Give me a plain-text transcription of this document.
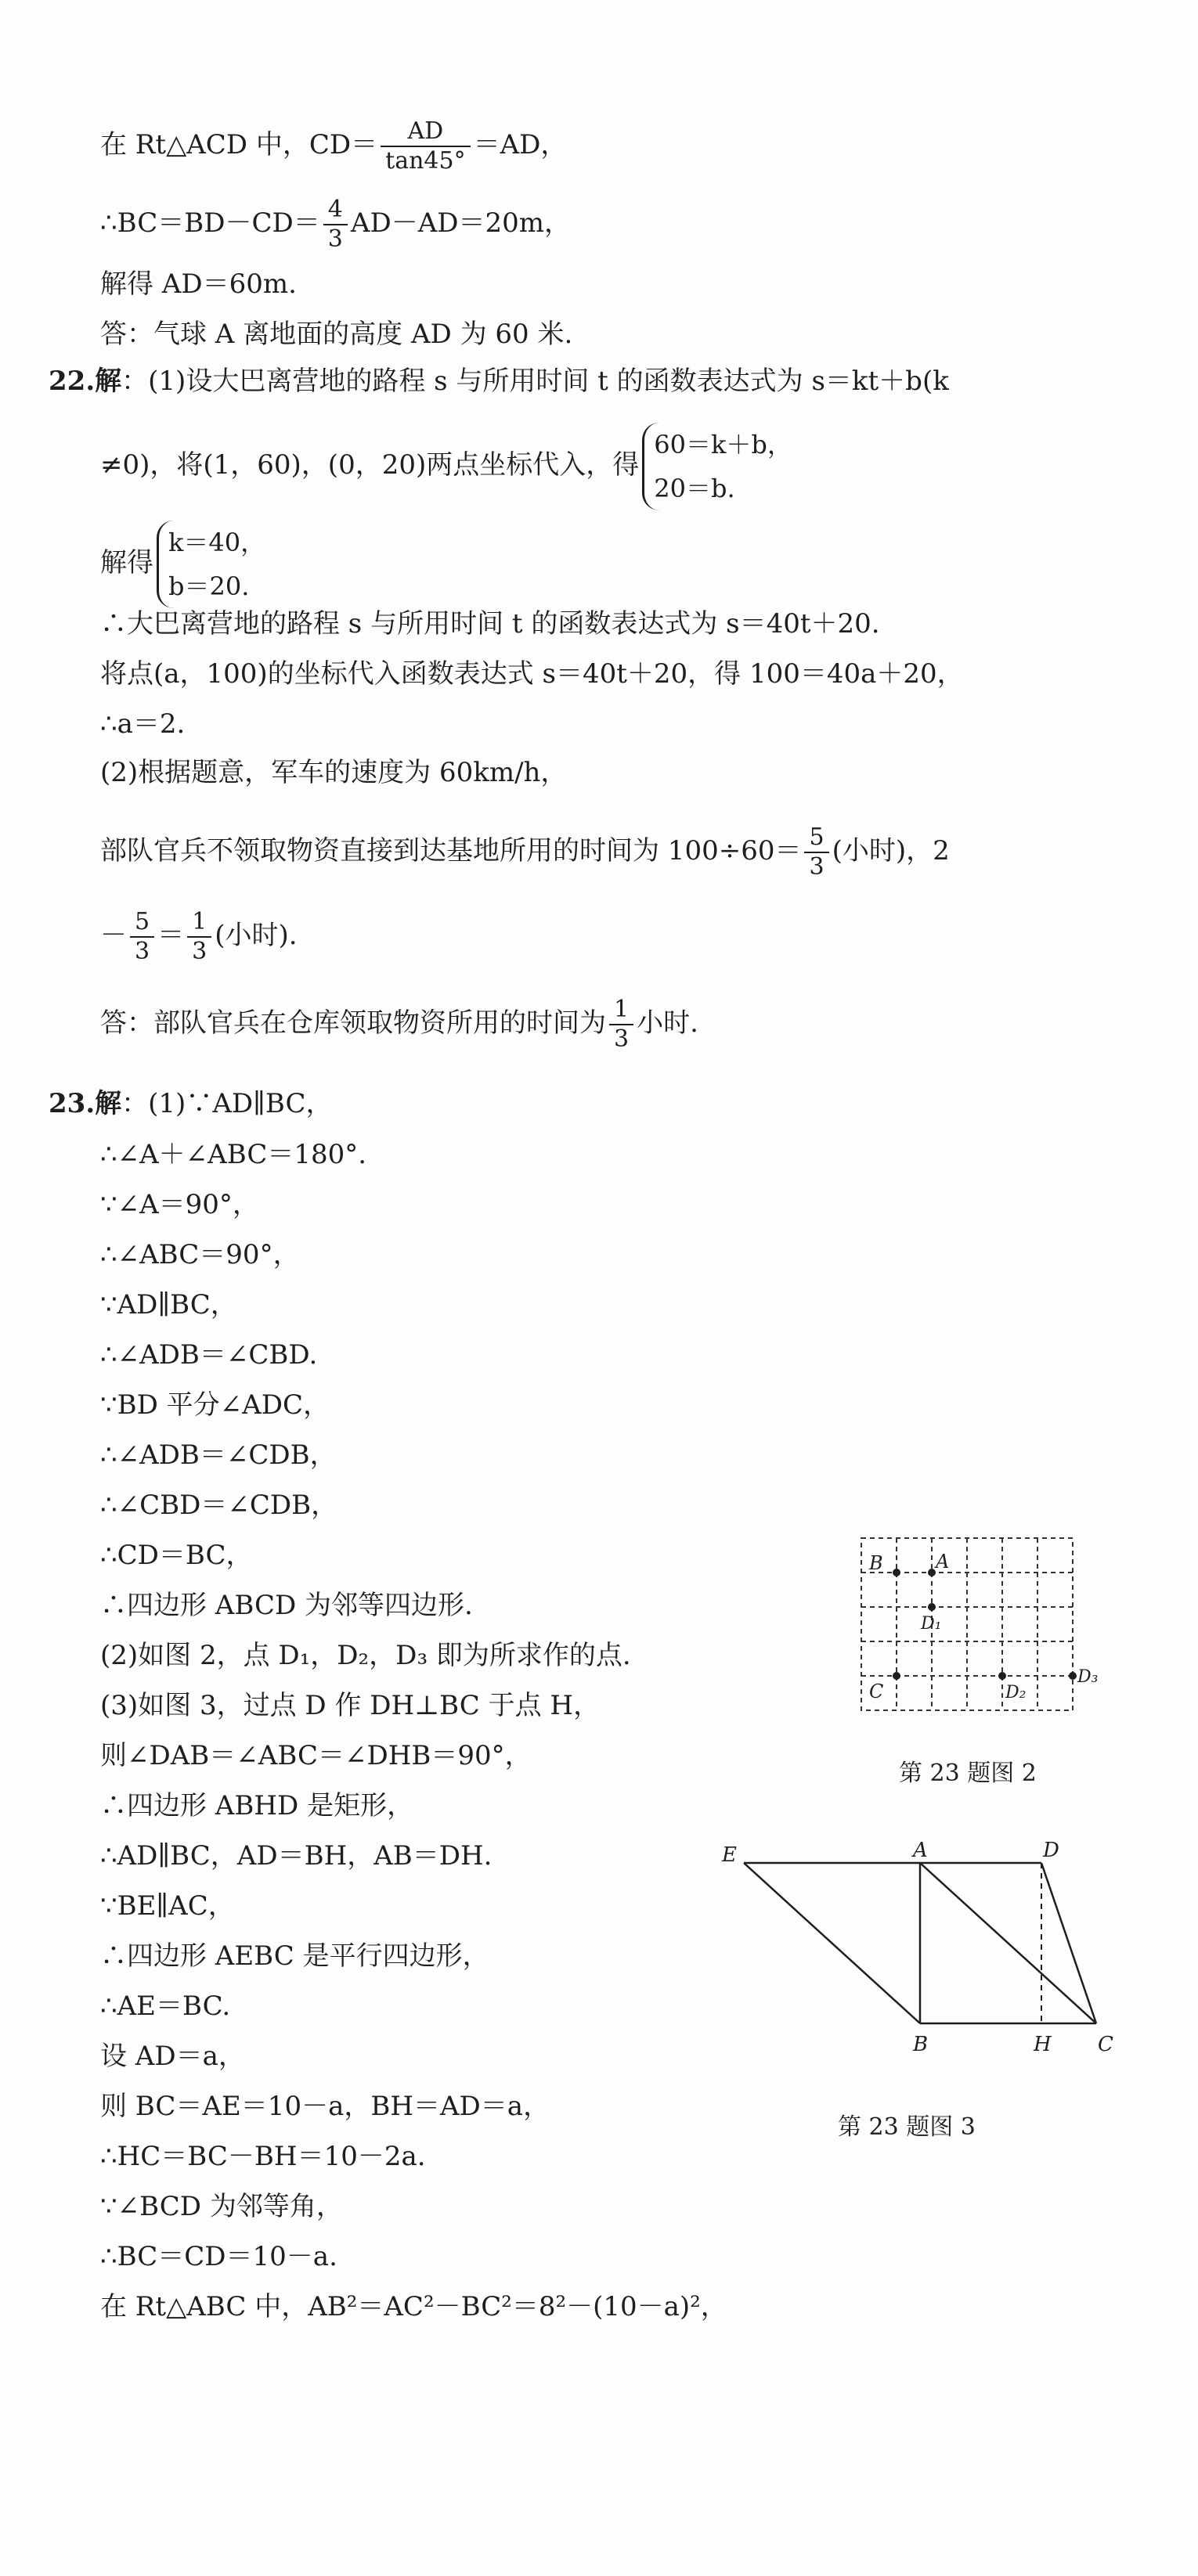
在 Rt△ACD 中，$CD= \frac{AD}{\tan 45^\circ} =AD$，
∴BC＝BD－CD＝ $\frac{4}{3} AD-AD=20m$，
解得 AD＝60m.
答：气球 A 离地面的高度 AD 为 60 米.
22.解：(1)设大巴离营地的路程 s 与所用时间 t 的函数表达式为 s＝kt＋b(k
≠0)，将(1，60)，(0，20)两点坐标代入，得
60＝k＋b，
20＝b.
解得
k＝40，
b＝20.
∴大巴离营地的路程 s 与所用时间 t 的函数表达式为 s＝40t＋20.
将点(a，100)的坐标代入函数表达式 s＝40t＋20，得 100＝40a＋20，
∴a＝2.
(2)根据题意，军车的速度为 60km/h，
部队官兵不领取物资直接到达基地所用的时间为 $100\div 60= \frac{5}{3}$ (小时)，2
－ $\frac{5}{3} = \frac{1}{3}$ (小时).
答：部队官兵在仓库领取物资所用的时间为 $\frac{1}{3}$ 小时.
23.解：(1)∵AD∥BC，
∴∠A＋∠ABC＝180°.
∵∠A＝90°，
∴∠ABC＝90°，
∵AD∥BC，
∴∠ADB＝∠CBD.
∵BD 平分∠ADC，
∴∠ADB＝∠CDB，
∴∠CBD＝∠CDB，
∴CD＝BC，
∴四边形 ABCD 为邻等四边形.
(2)如图 2，点 D₁，D₂，D₃ 即为所求作的点.
(3)如图 3，过点 D 作 DH⊥BC 于点 H，
则∠DAB＝∠ABC＝∠DHB＝90°，
∴四边形 ABHD 是矩形，
∴AD∥BC，AD＝BH，AB＝DH.
∵BE∥AC，
∴四边形 AEBC 是平行四边形，
∴AE＝BC.
设 AD＝a，
则 BC＝AE＝10－a，BH＝AD＝a，
∴HC＝BC－BH＝10－2a.
∵∠BCD 为邻等角，
∴BC＝CD＝10－a.
在 Rt△ABC 中，AB²＝AC²－BC²＝8²－(10－a)²，
B	A
D₁
C	D₂
D₃
第 23 题图 2
E	A	D
B	H C
第 23 题图 3
